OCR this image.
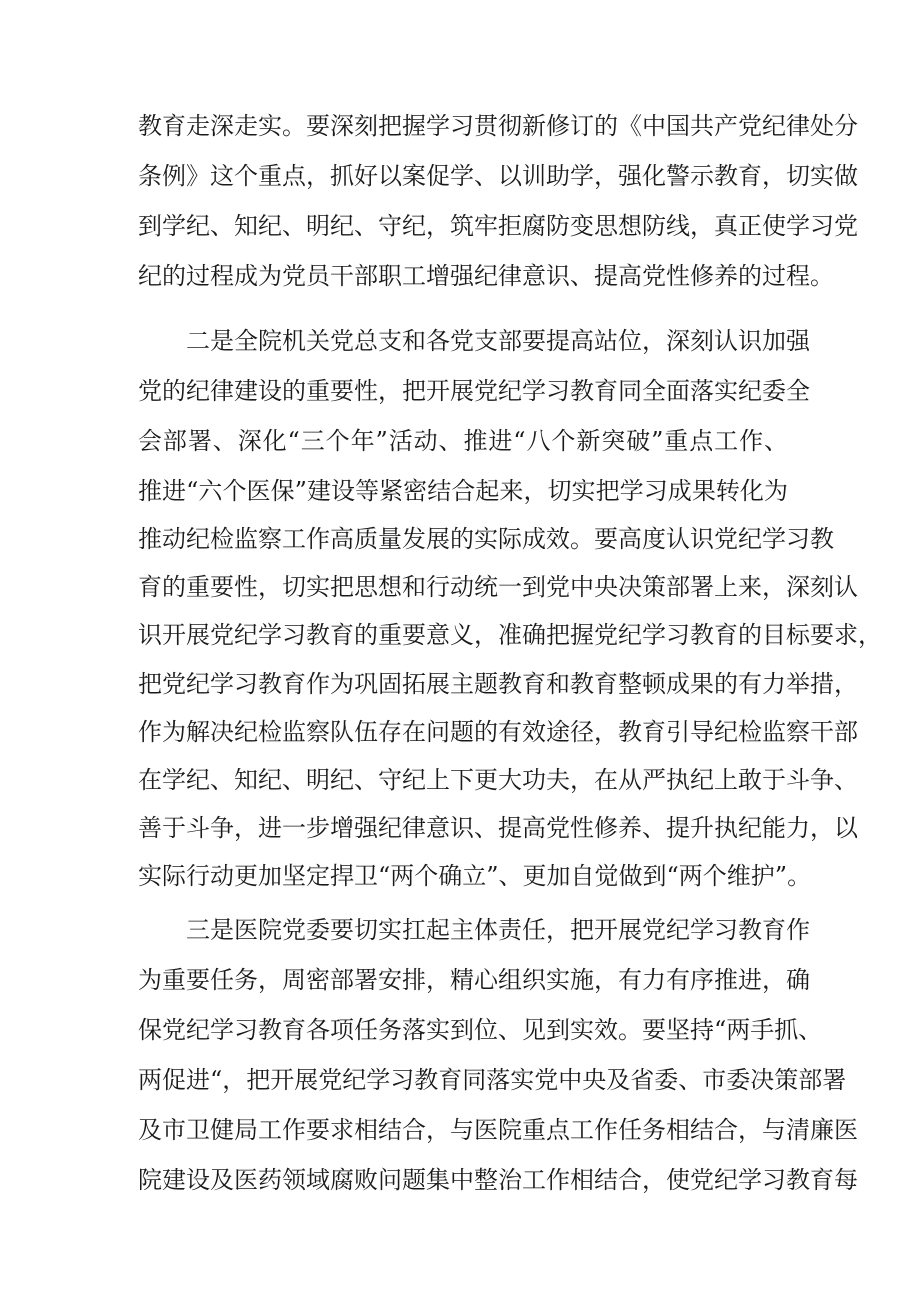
教育走深走实。要深刻把握学习贯彻新修订的《中国共产党纪律处分
条例》这个重点，抓好以案促学、以训助学，强化警示教育，切实做
到学纪、知纪、明纪、守纪，筑牢拒腐防变思想防线，真正使学习党
纪的过程成为党员干部职工增强纪律意识、提高党性修养的过程。
二是全院机关党总支和各党支部要提高站位，深刻认识加强
党的纪律建设的重要性，把开展党纪学习教育同全面落实纪委全
会部署、深化“三个年”活动、推进“八个新突破”重点工作、
推进“六个医保”建设等紧密结合起来，切实把学习成果转化为
推动纪检监察工作高质量发展的实际成效。要高度认识党纪学习教
育的重要性，切实把思想和行动统一到党中央决策部署上来，深刻认
识开展党纪学习教育的重要意义，准确把握党纪学习教育的目标要求，
把党纪学习教育作为巩固拓展主题教育和教育整顿成果的有力举措，
作为解决纪检监察队伍存在问题的有效途径，教育引导纪检监察干部
在学纪、知纪、明纪、守纪上下更大功夫，在从严执纪上敢于斗争、
善于斗争，进一步增强纪律意识、提高党性修养、提升执纪能力，以
实际行动更加坚定捍卫“两个确立”、更加自觉做到“两个维护”。
三是医院党委要切实扛起主体责任，把开展党纪学习教育作
为重要任务，周密部署安排，精心组织实施，有力有序推进，确
保党纪学习教育各项任务落实到位、见到实效。要坚持“两手抓、
两促进“，把开展党纪学习教育同落实党中央及省委、市委决策部署
及市卫健局工作要求相结合，与医院重点工作任务相结合，与清廉医
院建设及医药领域腐败问题集中整治工作相结合，使党纪学习教育每
